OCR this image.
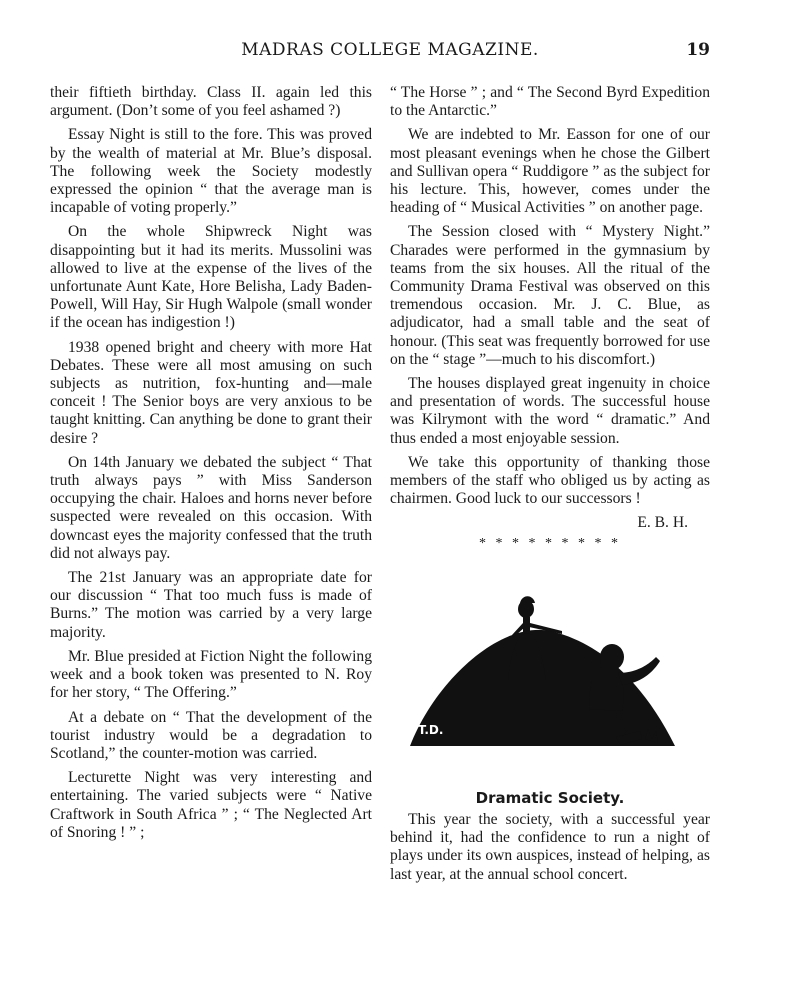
MADRAS COLLEGE MAGAZINE.	19

their fiftieth birthday. Class II. again led this argument. (Don’t some of you feel ashamed ?)

Essay Night is still to the fore. This was proved by the wealth of material at Mr. Blue’s disposal. The following week the Society modestly expressed the opinion “ that the average man is incapable of voting properly.”

On the whole Shipwreck Night was disappointing but it had its merits. Mussolini was allowed to live at the expense of the lives of the unfortunate Aunt Kate, Hore Belisha, Lady Baden-Powell, Will Hay, Sir Hugh Walpole (small wonder if the ocean has indigestion !)

1938 opened bright and cheery with more Hat Debates. These were all most amusing on such subjects as nutrition, fox-hunting and—male conceit ! The Senior boys are very anxious to be taught knitting. Can anything be done to grant their desire ?

On 14th January we debated the subject “ That truth always pays ” with Miss Sanderson occupying the chair. Haloes and horns never before suspected were revealed on this occasion. With downcast eyes the majority confessed that the truth did not always pay.

The 21st January was an appropriate date for our discussion “ That too much fuss is made of Burns.” The motion was carried by a very large majority.

Mr. Blue presided at Fiction Night the following week and a book token was presented to N. Roy for her story, “ The Offering.”

At a debate on “ That the development of the tourist industry would be a degradation to Scotland,” the counter-motion was carried.

Lecturette Night was very interesting and entertaining. The varied subjects were “ Native Craftwork in South Africa ” ; “ The Neglected Art of Snoring ! ” ;

“ The Horse ” ; and “ The Second Byrd Expedition to the Antarctic.”

We are indebted to Mr. Easson for one of our most pleasant evenings when he chose the Gilbert and Sullivan opera “ Ruddigore ” as the subject for his lecture. This, however, comes under the heading of “ Musical Activities ” on another page.

The Session closed with “ Mystery Night.” Charades were performed in the gymnasium by teams from the six houses. All the ritual of the Community Drama Festival was observed on this tremendous occasion. Mr. J. C. Blue, as adjudicator, had a small table and the seat of honour. (This seat was frequently borrowed for use on the “ stage ”—much to his discomfort.)

The houses displayed great ingenuity in choice and presentation of words. The successful house was Kilrymont with the word “ dramatic.” And thus ended a most enjoyable session.

We take this opportunity of thanking those members of the staff who obliged us by acting as chairmen. Good luck to our successors !

E. B. H.
* * * * * * * * *
T.D.
Dramatic Society.

This year the society, with a successful year behind it, had the confidence to run a night of plays under its own auspices, instead of helping, as last year, at the annual school concert.
